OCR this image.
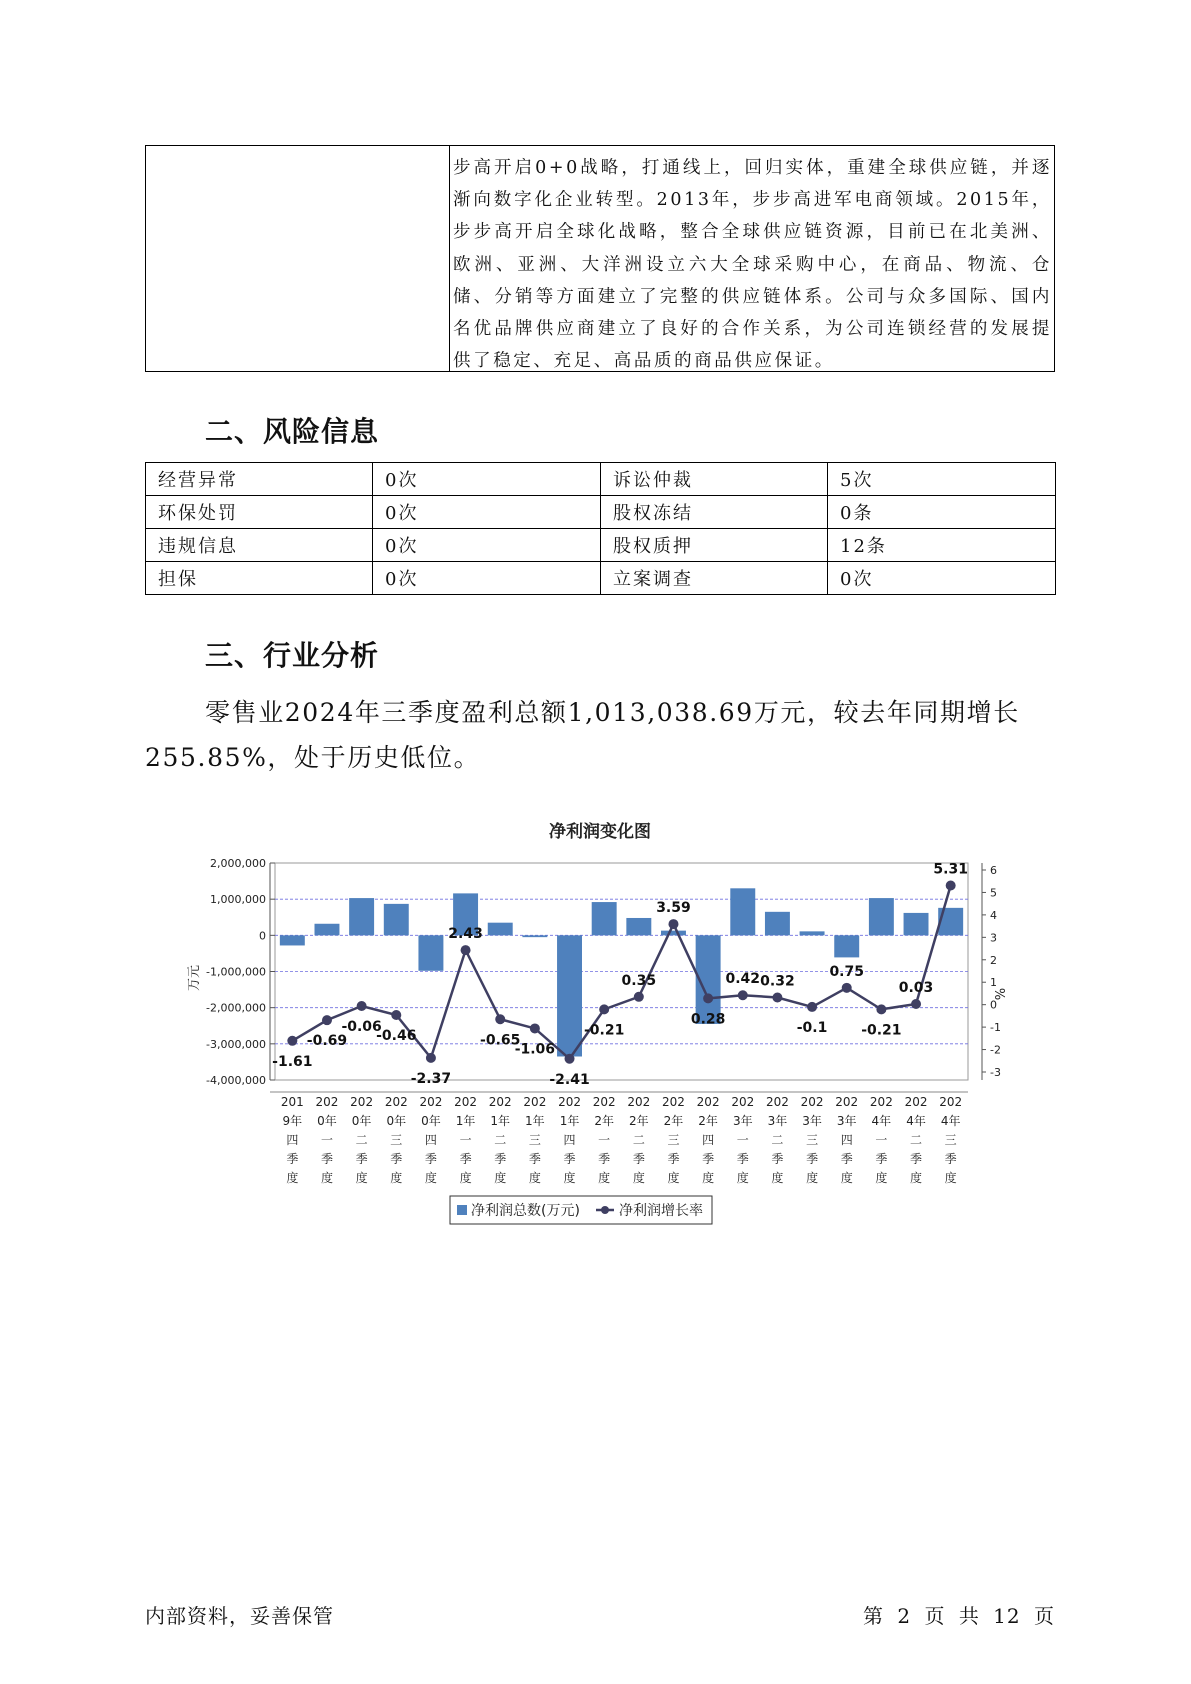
步高开启0+0战略，打通线上，回归实体，重建全球供应链，并逐渐向数字化企业转型。2013年，步步高进军电商领域。2015年，步步高开启全球化战略，整合全球供应链资源，目前已在北美洲、欧洲、亚洲、大洋洲设立六大全球采购中心，在商品、物流、仓储、分销等方面建立了完整的供应链体系。公司与众多国际、国内名优品牌供应商建立了良好的合作关系，为公司连锁经营的发展提供了稳定、充足、高品质的商品供应保证。
二、风险信息
经营异常	0次	诉讼仲裁	5次
环保处罚	0次	股权冻结	0条
违规信息	0次	股权质押	12条
担保	0次	立案调查	0次
三、行业分析
零售业2024年三季度盈利总额1,013,038.69万元，较去年同期增长255.85%，处于历史低位。
净利润变化图
2,000,000
1,000,000
0
-1,000,000
-2,000,000
-3,000,000
-4,000,000
6
5
4
3
2
1
0
-1
-2
-3
万元
%
-1.61
-0.69
-0.06
-0.46
-2.37
2.43
-0.65
-1.06
-2.41
-0.21
0.35
3.59
0.28
0.42 0.32
-0.1
0.75
-0.21
0.03
5.31
201 9年四季度
202 0年一季度
202 0年二季度
202 0年三季度
202 0年四季度
202 1年一季度
202 1年二季度
202 1年三季度
202 1年四季度
202 2年一季度
202 2年二季度
202 2年三季度
202 2年四季度
202 3年一季度
202 3年二季度
202 3年三季度
202 3年四季度
202 4年一季度
202 4年二季度
202 4年三季度
净利润总数(万元)	净利润增长率
内部资料，妥善保管	第 2 页 共 12 页
